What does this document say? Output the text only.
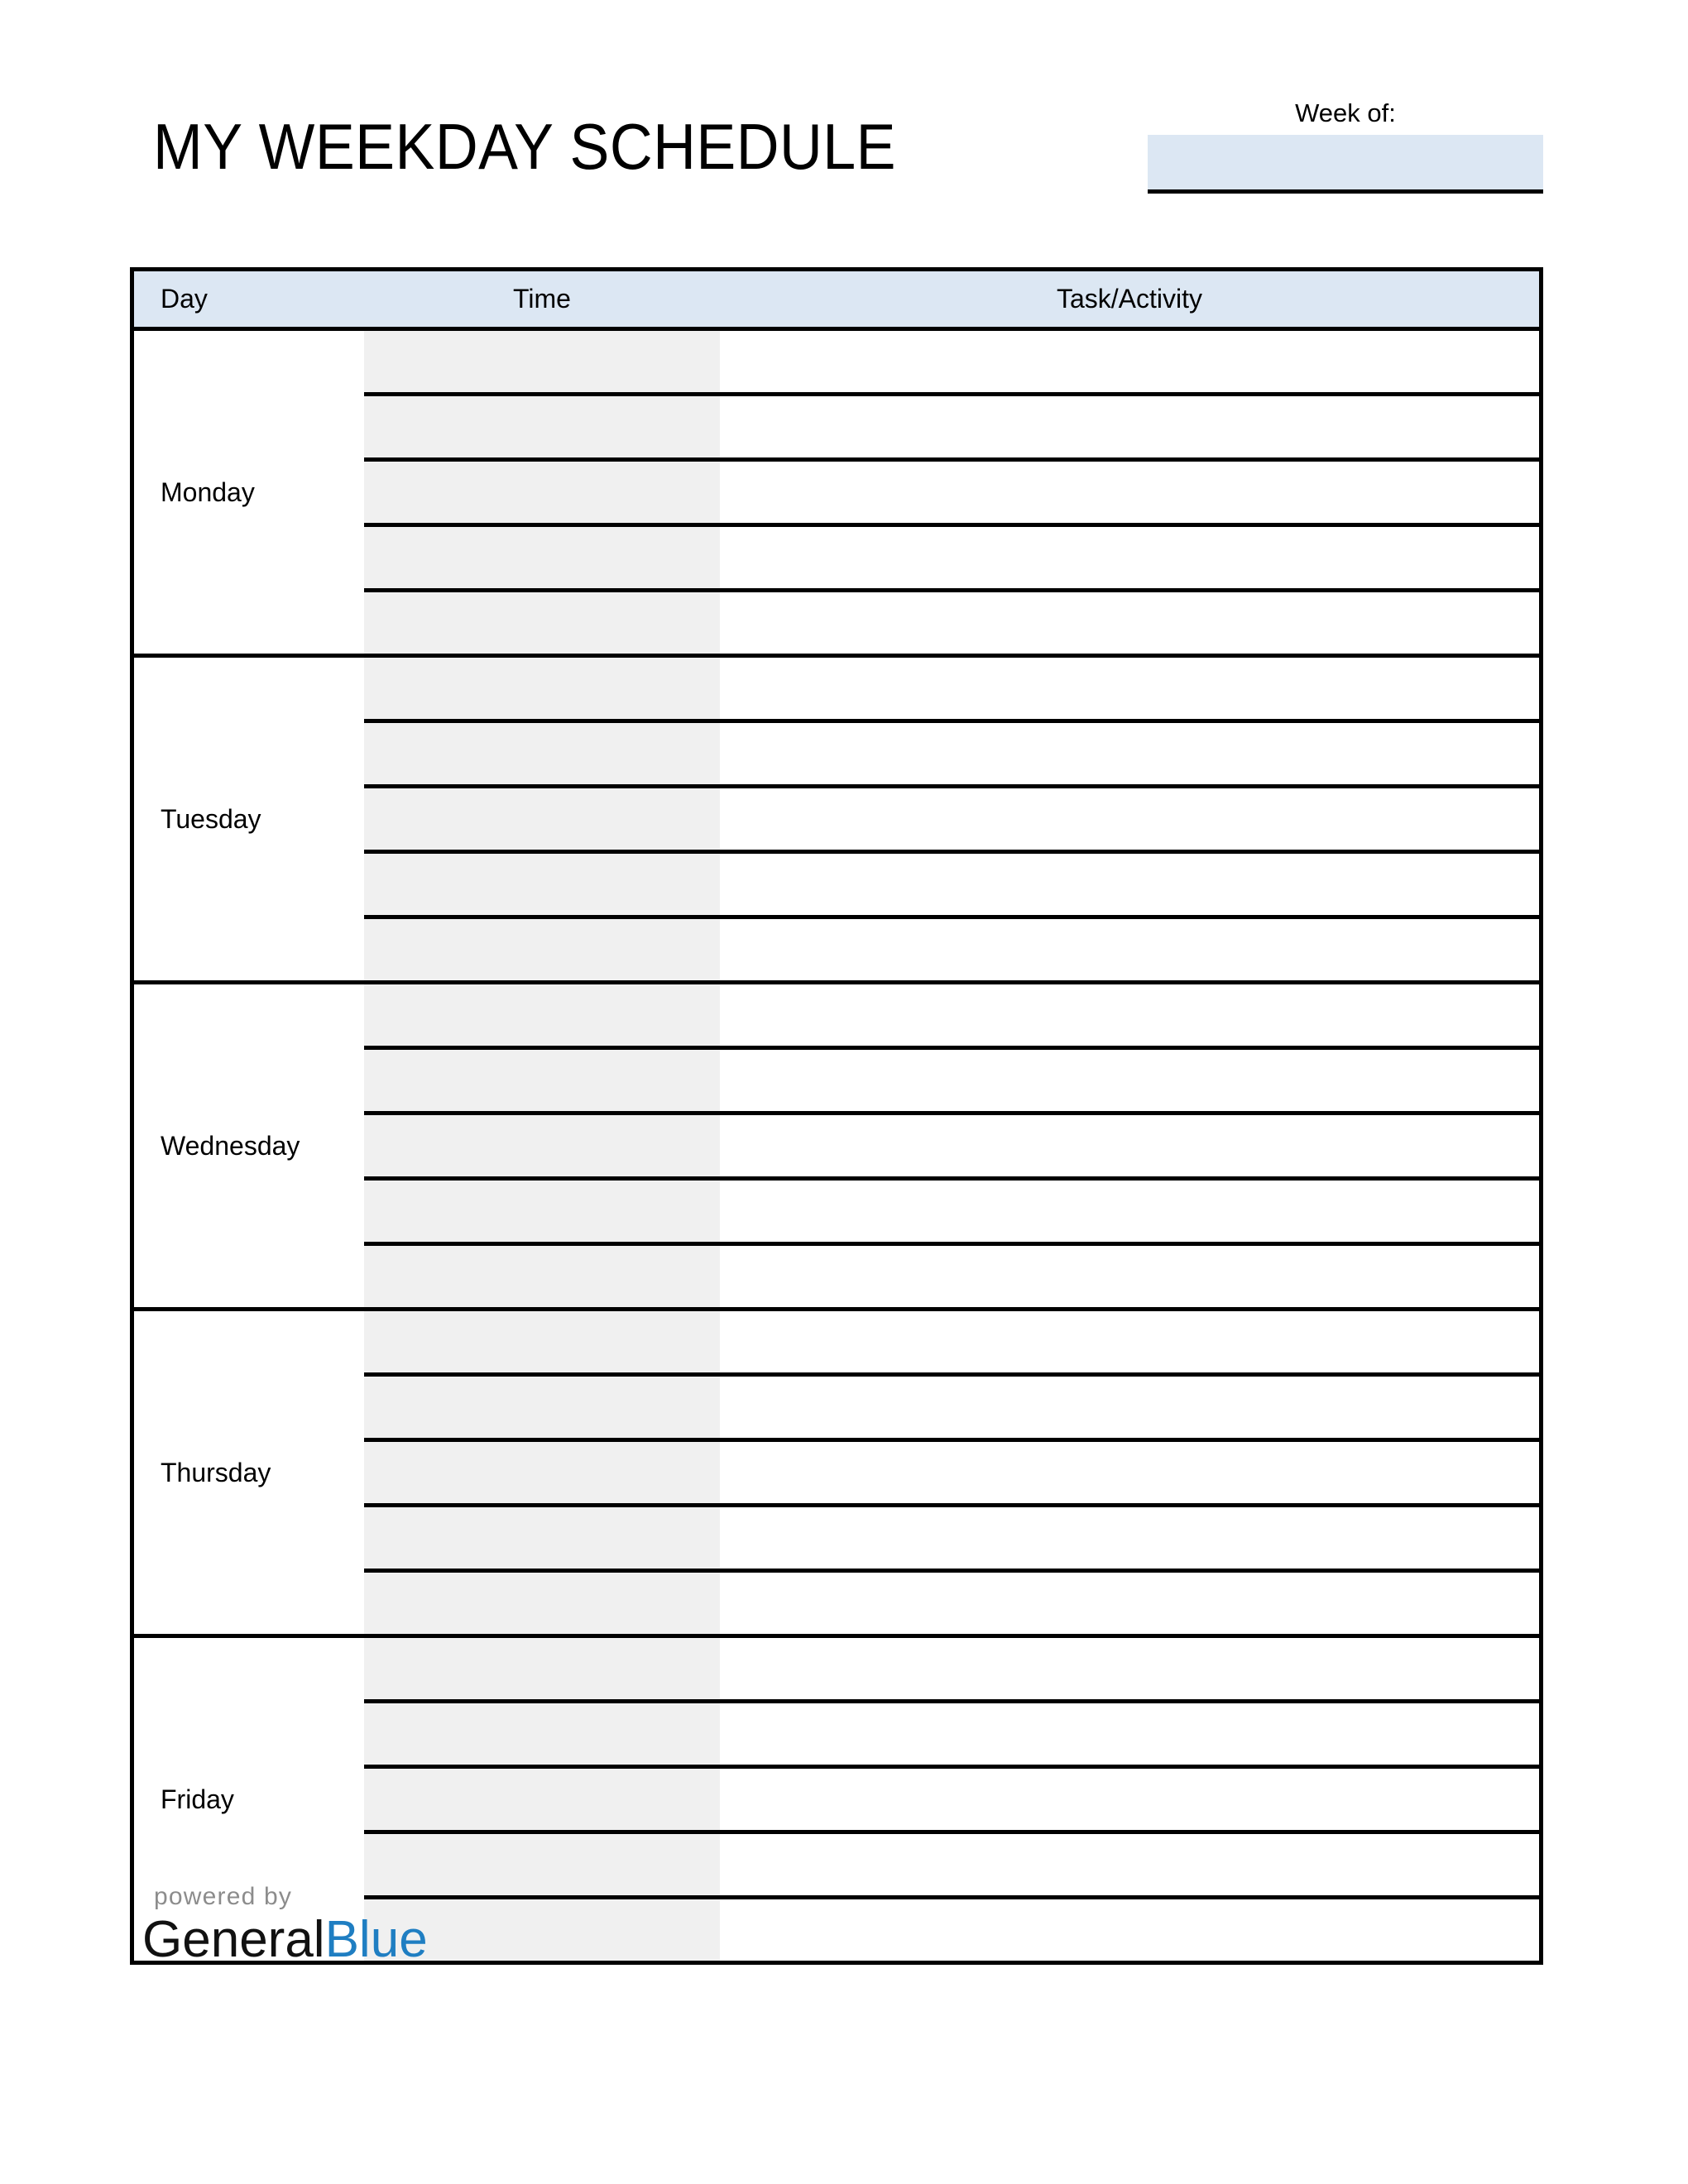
MY WEEKDAY SCHEDULE	Week of:
Day	Time	Task/Activity
Monday
Tuesday
Wednesday
Thursday
Friday
powered by
GeneralBlue
